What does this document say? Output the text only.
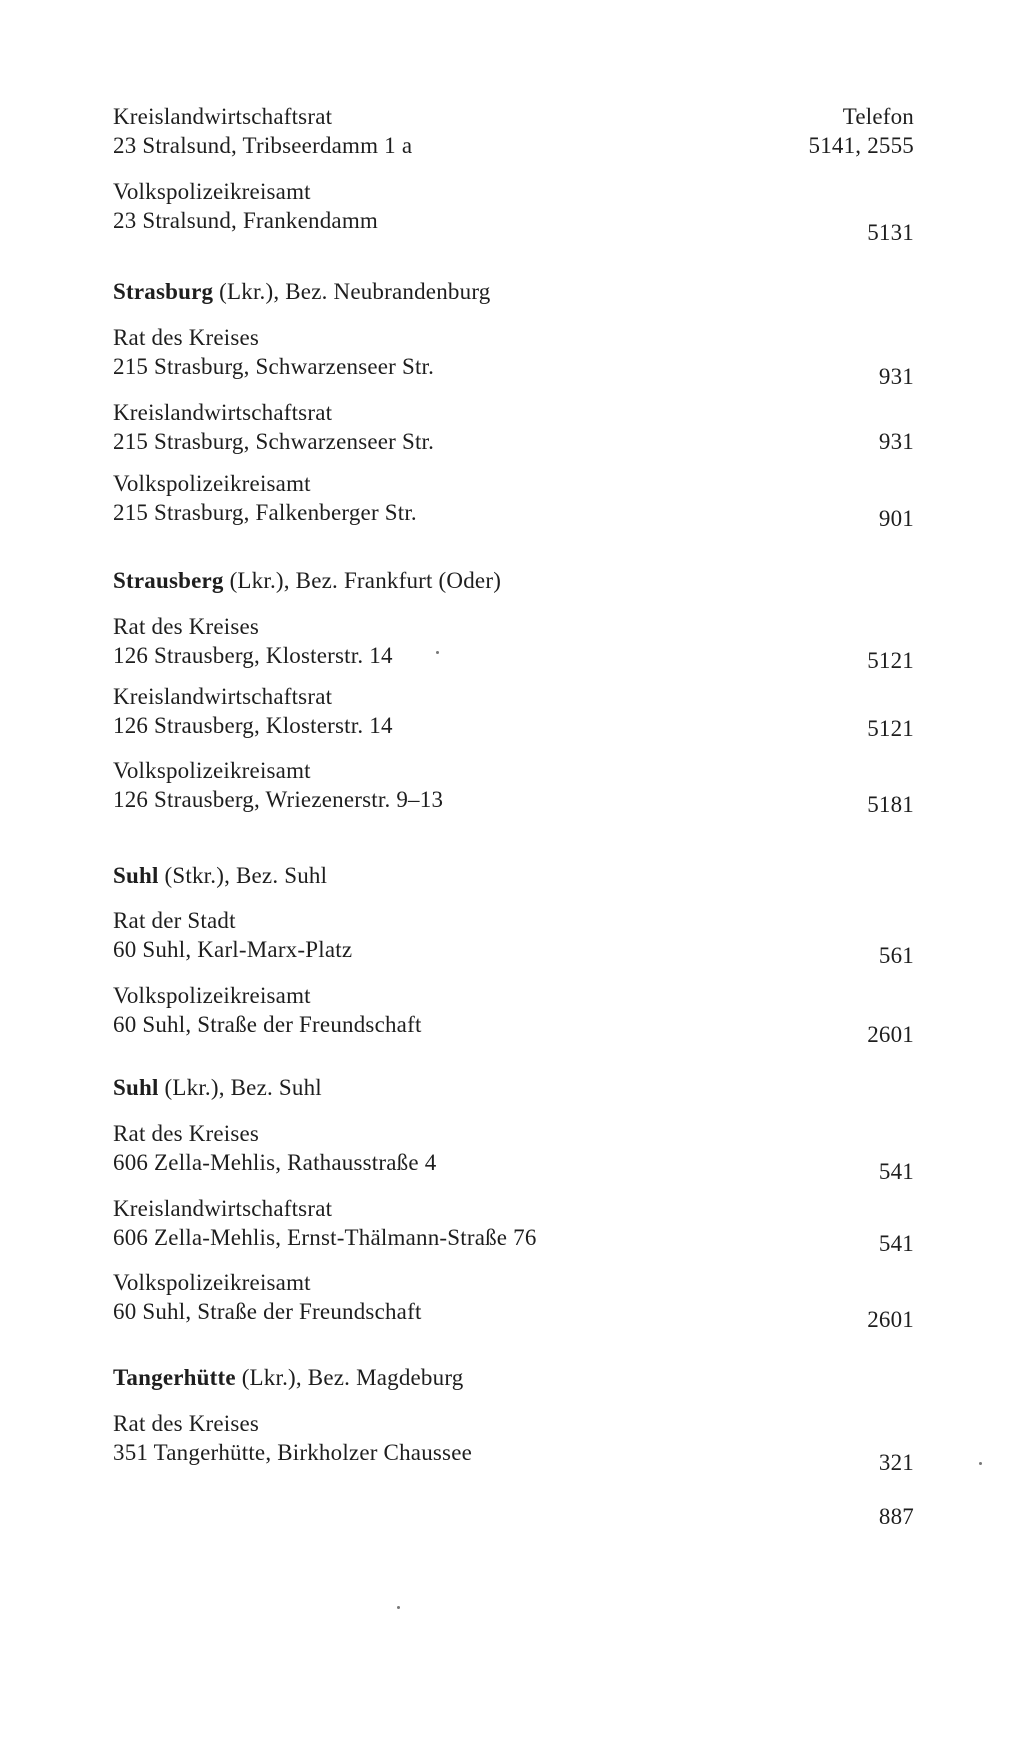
Kreislandwirtschaftsrat	Telefon
23 Stralsund, Tribseerdamm 1 a	5141, 2555
Volkspolizeikreisamt
23 Stralsund, Frankendamm	5131
Strasburg (Lkr.), Bez. Neubrandenburg
Rat des Kreises
215 Strasburg, Schwarzenseer Str.	931
Kreislandwirtschaftsrat
215 Strasburg, Schwarzenseer Str.	931
Volkspolizeikreisamt
215 Strasburg, Falkenberger Str.	901
Strausberg (Lkr.), Bez. Frankfurt (Oder)
Rat des Kreises
126 Strausberg, Klosterstr. 14	5121
Kreislandwirtschaftsrat
126 Strausberg, Klosterstr. 14	5121
Volkspolizeikreisamt
126 Strausberg, Wriezenerstr. 9–13	5181
Suhl (Stkr.), Bez. Suhl
Rat der Stadt
60 Suhl, Karl-Marx-Platz	561
Volkspolizeikreisamt
60 Suhl, Straße der Freundschaft	2601
Suhl (Lkr.), Bez. Suhl
Rat des Kreises
606 Zella-Mehlis, Rathausstraße 4	541
Kreislandwirtschaftsrat
606 Zella-Mehlis, Ernst-Thälmann-Straße 76	541
Volkspolizeikreisamt
60 Suhl, Straße der Freundschaft	2601
Tangerhütte (Lkr.), Bez. Magdeburg
Rat des Kreises
351 Tangerhütte, Birkholzer Chaussee	321
887
